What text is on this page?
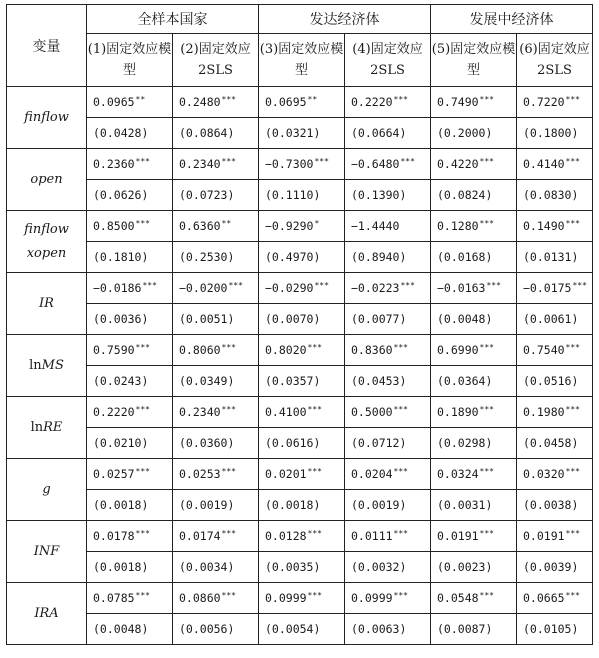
变量	全样本国家		发达经济体		发展中经济体	
	(1)固定效应模型	(2)固定效应 2SLS	(3)固定效应模型	(4)固定效应 2SLS	(5)固定效应模型	(6)固定效应 2SLS
finflow	0.0965**	0.2480***	0.0695**	0.2220***	0.7490***	0.7220***
	(0.0428)	(0.0864)	(0.0321)	(0.0664)	(0.2000)	(0.1800)
open	0.2360***	0.2340***	−0.7300***	−0.6480***	0.4220***	0.4140***
	(0.0626)	(0.0723)	(0.1110)	(0.1390)	(0.0824)	(0.0830)
finflow
xopen	0.8500***	0.6360**	−0.9290*	−1.4440	0.1280***	0.1490***
	(0.1810)	(0.2530)	(0.4970)	(0.8940)	(0.0168)	(0.0131)
IR	−0.0186***	−0.0200***	−0.0290***	−0.0223***	−0.0163***	−0.0175***
	(0.0036)	(0.0051)	(0.0070)	(0.0077)	(0.0048)	(0.0061)
lnMS	0.7590***	0.8060***	0.8020***	0.8360***	0.6990***	0.7540***
	(0.0243)	(0.0349)	(0.0357)	(0.0453)	(0.0364)	(0.0516)
lnRE	0.2220***	0.2340***	0.4100***	0.5000***	0.1890***	0.1980***
	(0.0210)	(0.0360)	(0.0616)	(0.0712)	(0.0298)	(0.0458)
g	0.0257***	0.0253***	0.0201***	0.0204***	0.0324***	0.0320***
	(0.0018)	(0.0019)	(0.0018)	(0.0019)	(0.0031)	(0.0038)
INF	0.0178***	0.0174***	0.0128***	0.0111***	0.0191***	0.0191***
	(0.0018)	(0.0034)	(0.0035)	(0.0032)	(0.0023)	(0.0039)
IRA	0.0785***	0.0860***	0.0999***	0.0999***	0.0548***	0.0665***
	(0.0048)	(0.0056)	(0.0054)	(0.0063)	(0.0087)	(0.0105)
